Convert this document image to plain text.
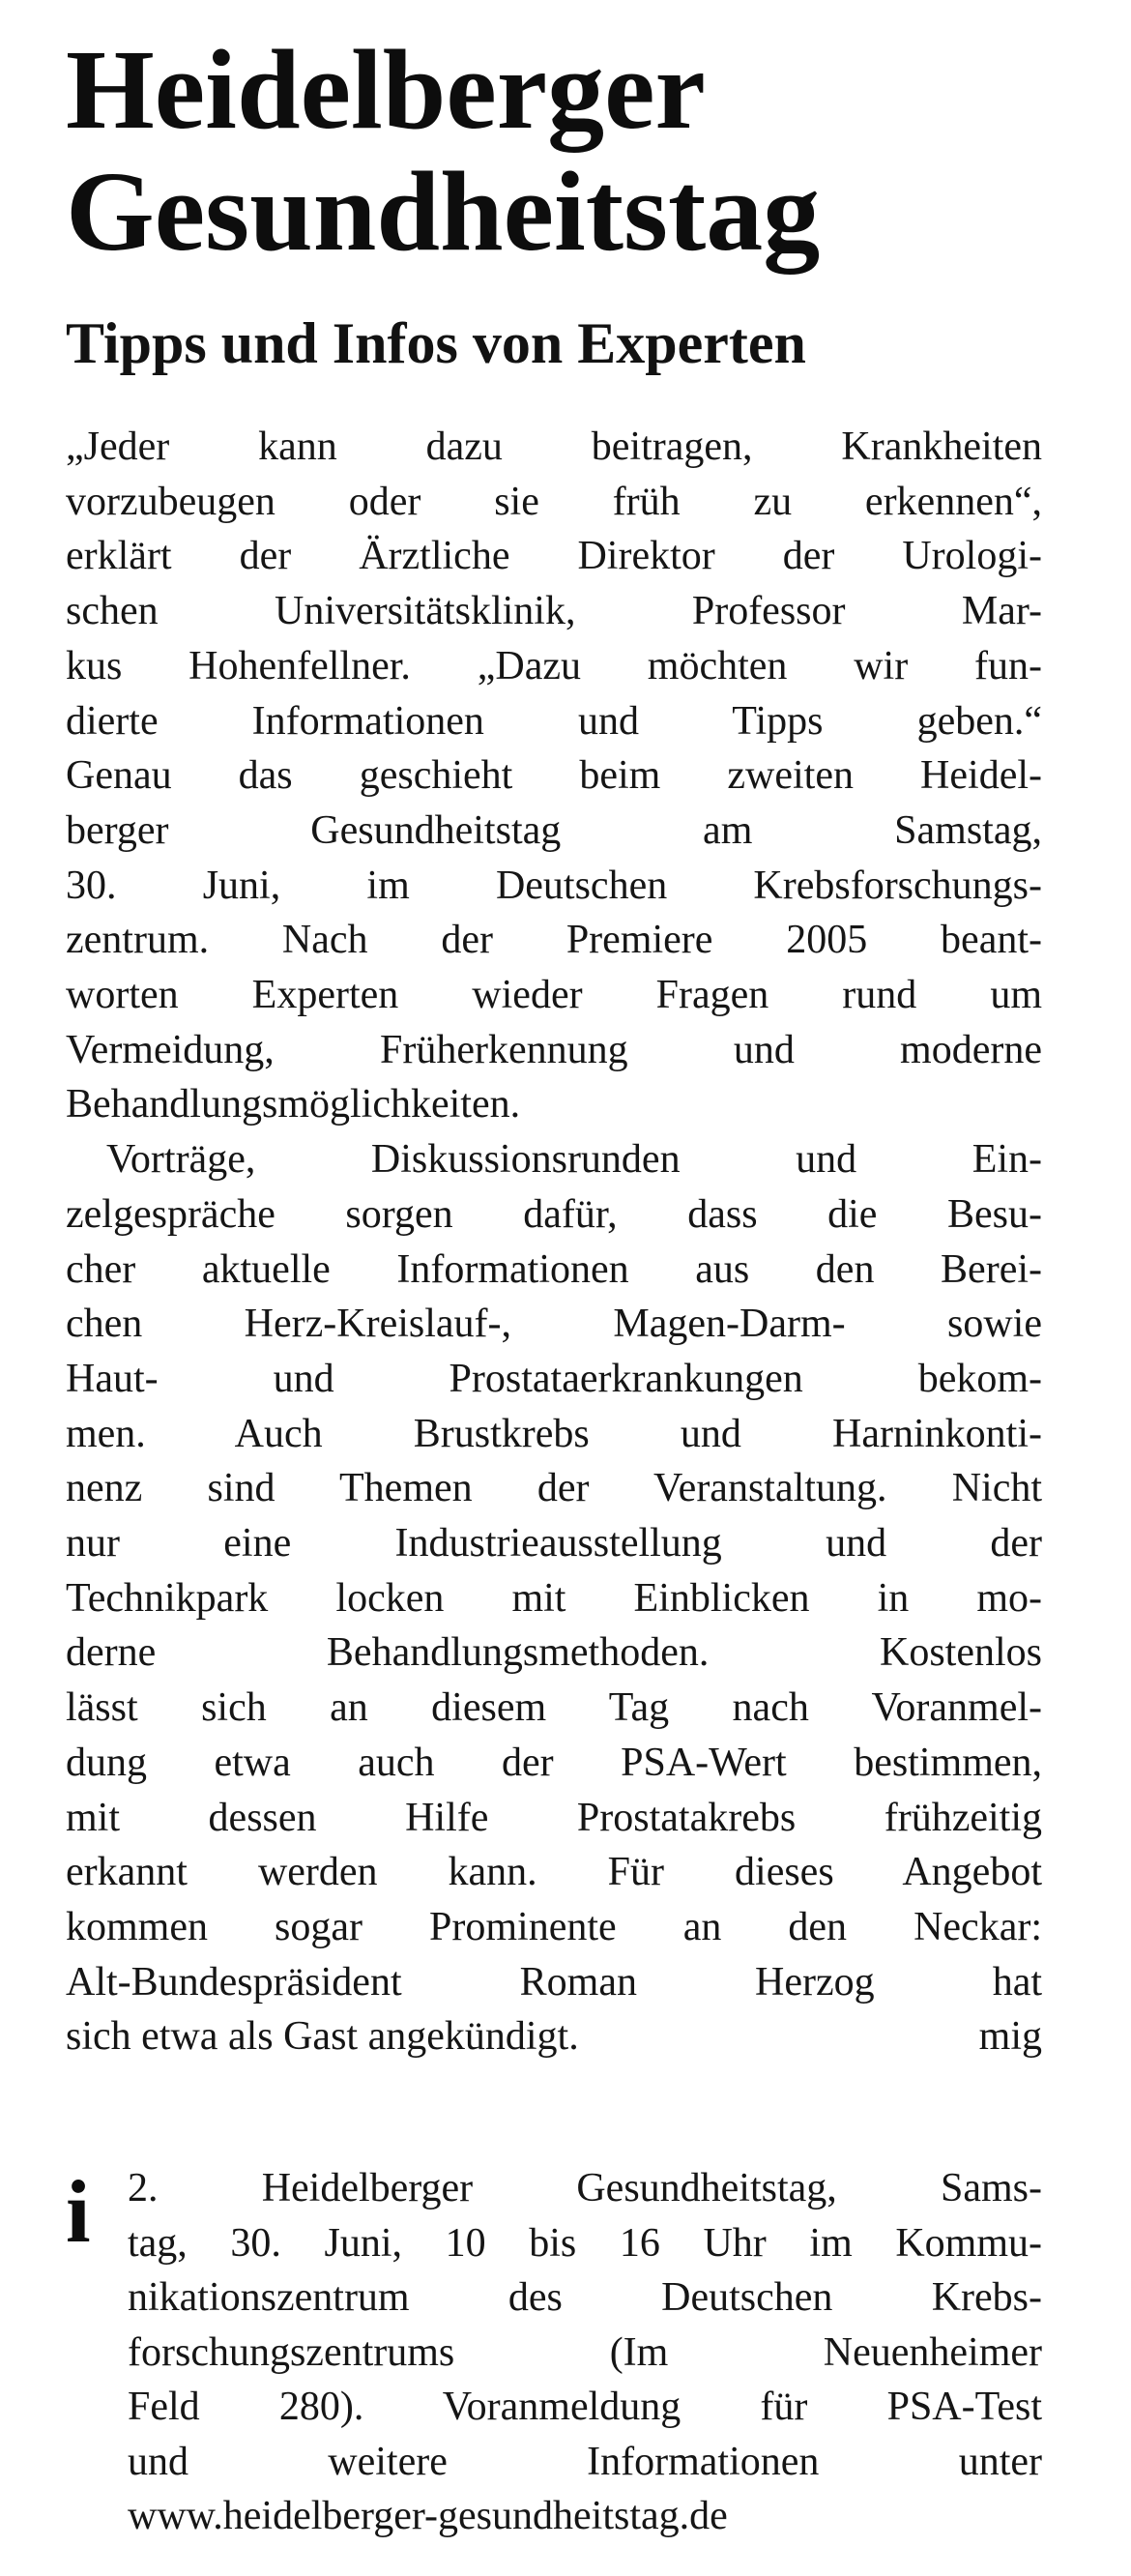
Heidelberger
Gesundheitstag
Tipps und Infos von Experten
„Jeder kann dazu beitragen, Krankheiten
vorzubeugen oder sie früh zu erkennen“,
erklärt der Ärztliche Direktor der Urologi-
schen Universitätsklinik, Professor Mar-
kus Hohenfellner. „Dazu möchten wir fun-
dierte Informationen und Tipps geben.“
Genau das geschieht beim zweiten Heidel-
berger Gesundheitstag am Samstag,
30. Juni, im Deutschen Krebsforschungs-
zentrum. Nach der Premiere 2005 beant-
worten Experten wieder Fragen rund um
Vermeidung, Früherkennung und moderne
Behandlungsmöglichkeiten.
Vorträge, Diskussionsrunden und Ein-
zelgespräche sorgen dafür, dass die Besu-
cher aktuelle Informationen aus den Berei-
chen Herz-Kreislauf-, Magen-Darm- sowie
Haut- und Prostataerkrankungen bekom-
men. Auch Brustkrebs und Harninkonti-
nenz sind Themen der Veranstaltung. Nicht
nur eine Industrieausstellung und der
Technikpark locken mit Einblicken in mo-
derne Behandlungsmethoden. Kostenlos
lässt sich an diesem Tag nach Voranmel-
dung etwa auch der PSA-Wert bestimmen,
mit dessen Hilfe Prostatakrebs frühzeitig
erkannt werden kann. Für dieses Angebot
kommen sogar Prominente an den Neckar:
Alt-Bundespräsident Roman Herzog hat
sich etwa als Gast angekündigt.	mig
i 2. Heidelberger Gesundheitstag, Sams-
tag, 30. Juni, 10 bis 16 Uhr im Kommu-
nikationszentrum des Deutschen Krebs-
forschungszentrums (Im Neuenheimer
Feld 280). Voranmeldung für PSA-Test
und weitere Informationen unter
www.heidelberger-gesundheitstag.de
